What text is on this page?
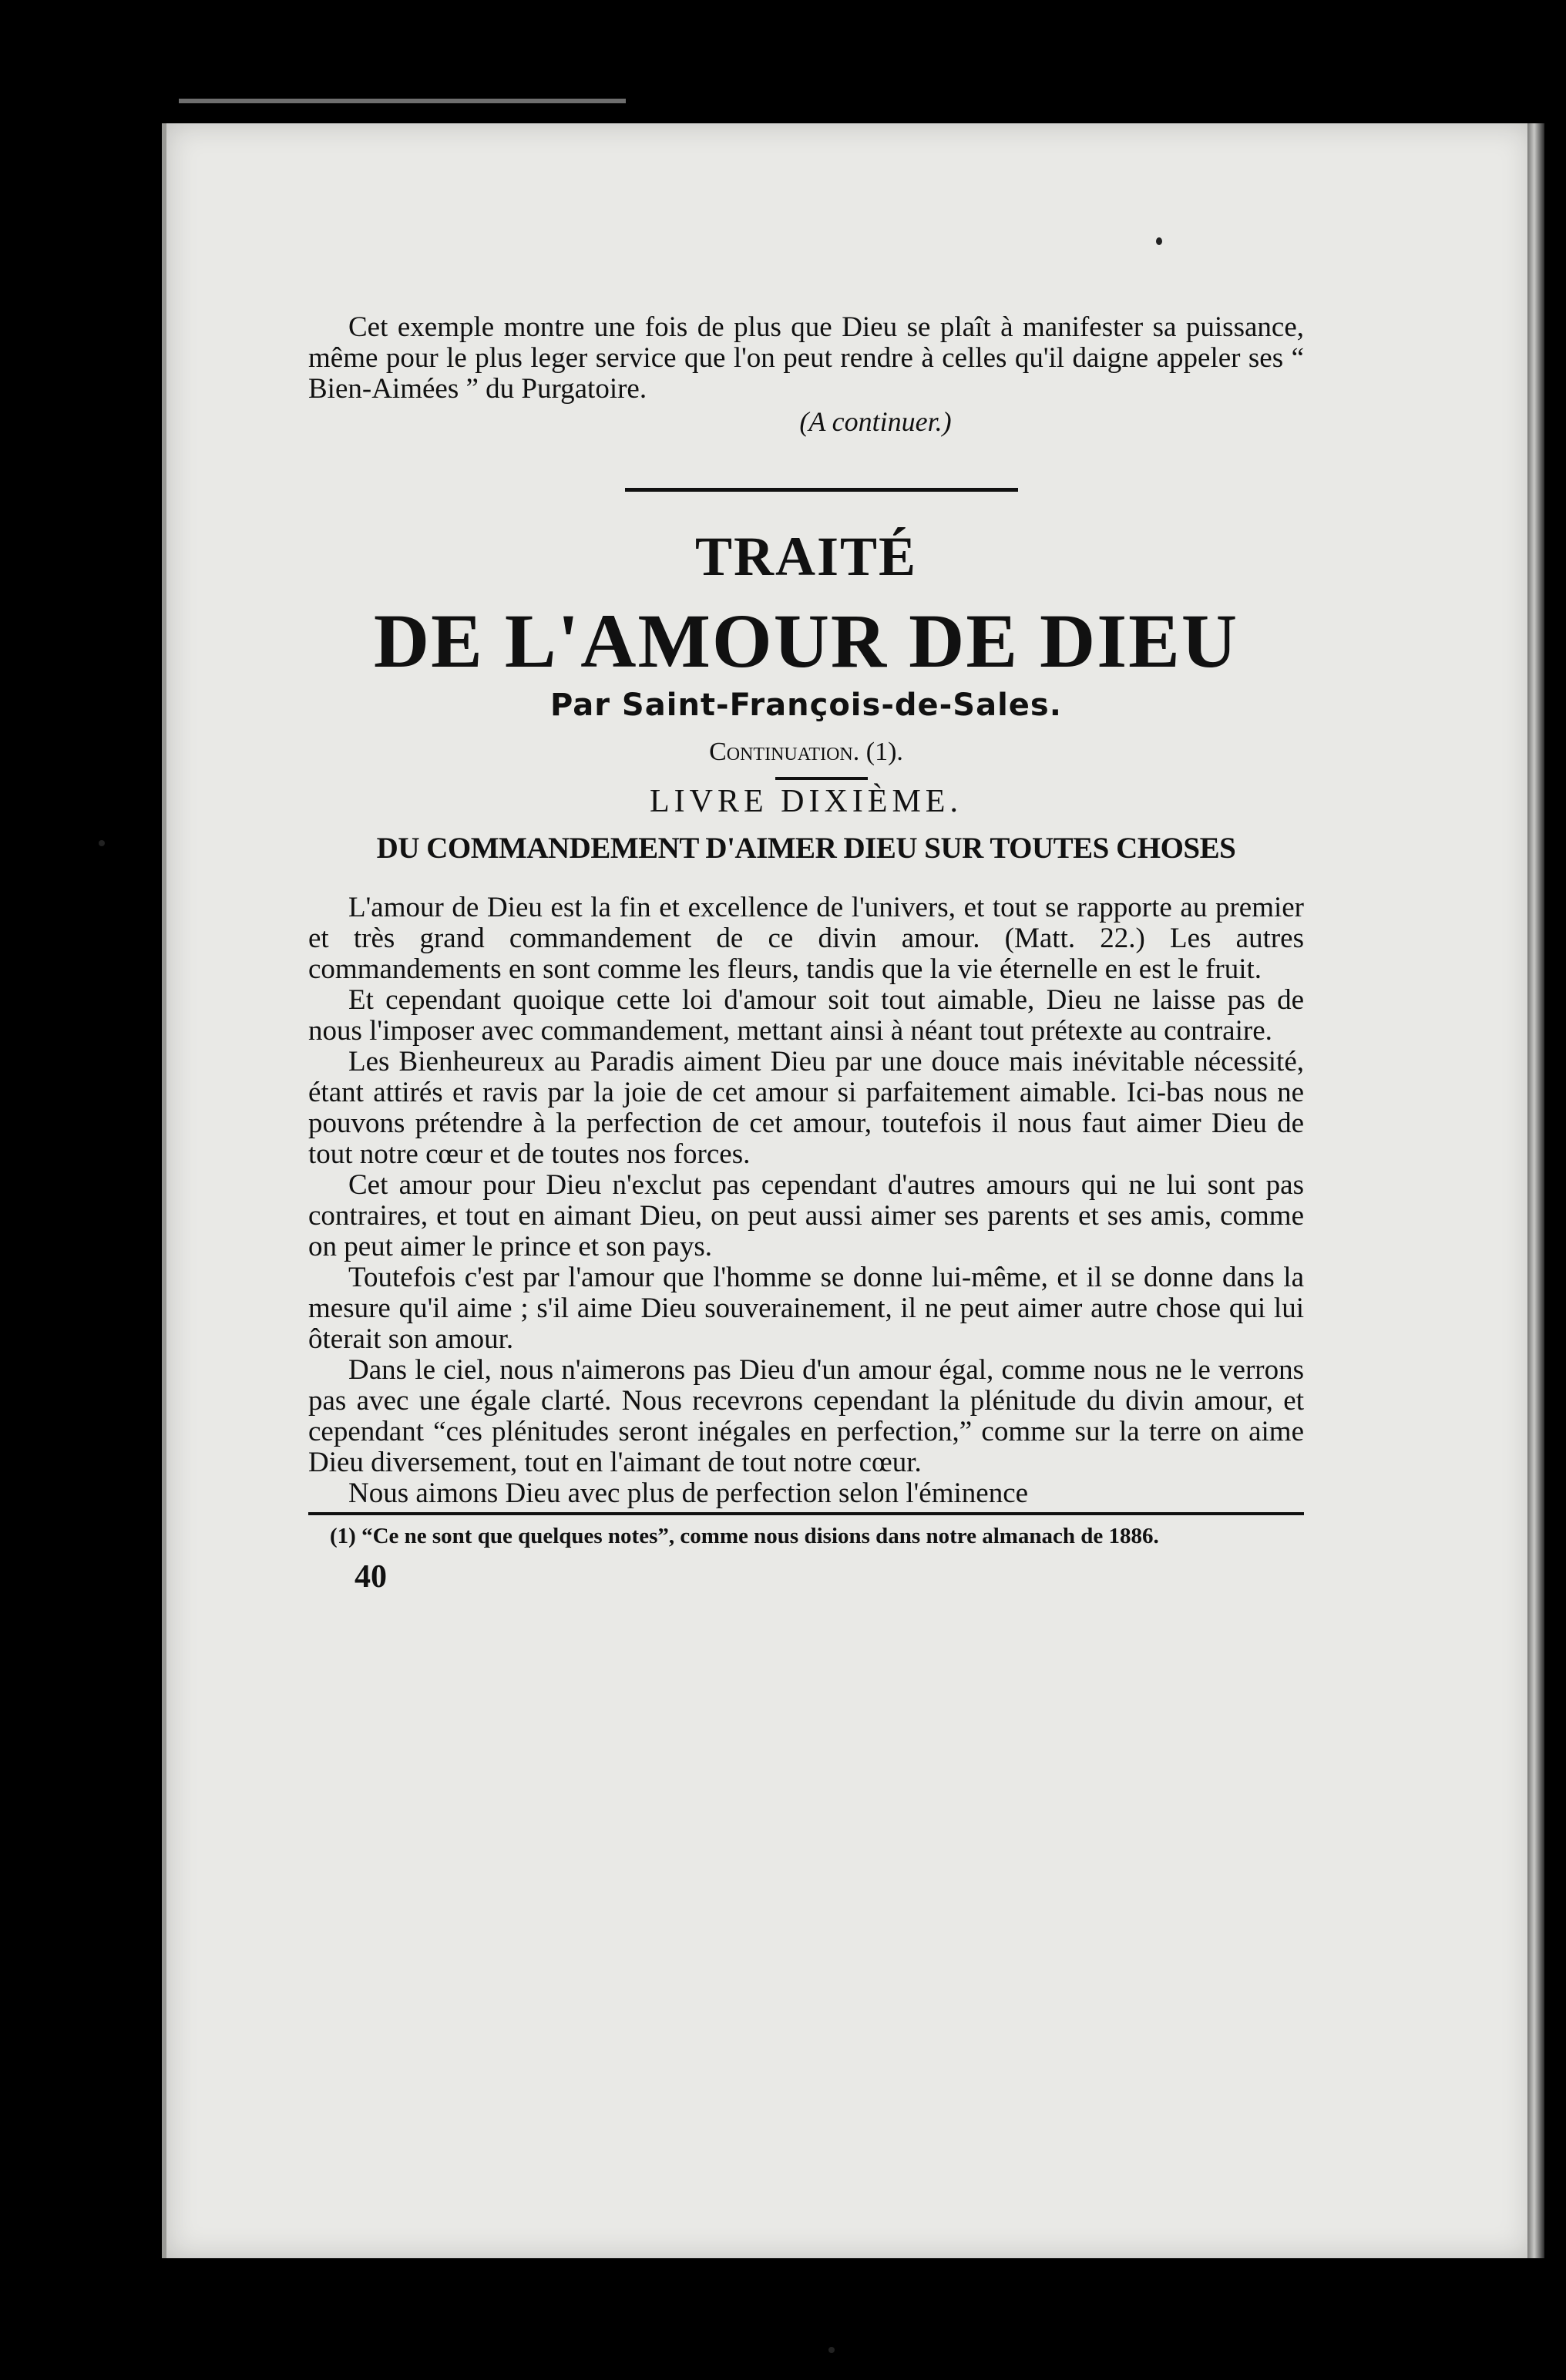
Cet exemple montre une fois de plus que Dieu se plaît à manifester sa puissance, même pour le plus leger service que l'on peut rendre à celles qu'il daigne appeler ses “ Bien-Aimées ” du Purgatoire.

(A continuer.)
TRAITÉ
DE L'AMOUR DE DIEU
Par Saint-François-de-Sales.
Continuation. (1).
LIVRE DIXIÈME.
DU COMMANDEMENT D'AIMER DIEU SUR TOUTES CHOSES

L'amour de Dieu est la fin et excellence de l'univers, et tout se rapporte au premier et très grand commandement de ce divin amour. (Matt. 22.) Les autres commandements en sont comme les fleurs, tandis que la vie éternelle en est le fruit.

Et cependant quoique cette loi d'amour soit tout aimable, Dieu ne laisse pas de nous l'imposer avec commandement, mettant ainsi à néant tout prétexte au contraire.

Les Bienheureux au Paradis aiment Dieu par une douce mais inévitable nécessité, étant attirés et ravis par la joie de cet amour si parfaitement aimable. Ici-bas nous ne pouvons prétendre à la perfection de cet amour, toutefois il nous faut aimer Dieu de tout notre cœur et de toutes nos forces.

Cet amour pour Dieu n'exclut pas cependant d'autres amours qui ne lui sont pas contraires, et tout en aimant Dieu, on peut aussi aimer ses parents et ses amis, comme on peut aimer le prince et son pays.

Toutefois c'est par l'amour que l'homme se donne lui-même, et il se donne dans la mesure qu'il aime ; s'il aime Dieu souverainement, il ne peut aimer autre chose qui lui ôterait son amour.

Dans le ciel, nous n'aimerons pas Dieu d'un amour égal, comme nous ne le verrons pas avec une égale clarté. Nous recevrons cependant la plénitude du divin amour, et cependant “ces plénitudes seront inégales en perfection,” comme sur la terre on aime Dieu diversement, tout en l'aimant de tout notre cœur.

Nous aimons Dieu avec plus de perfection selon l'éminence

(1) “Ce ne sont que quelques notes”, comme nous disions dans notre almanach de 1886.
40
